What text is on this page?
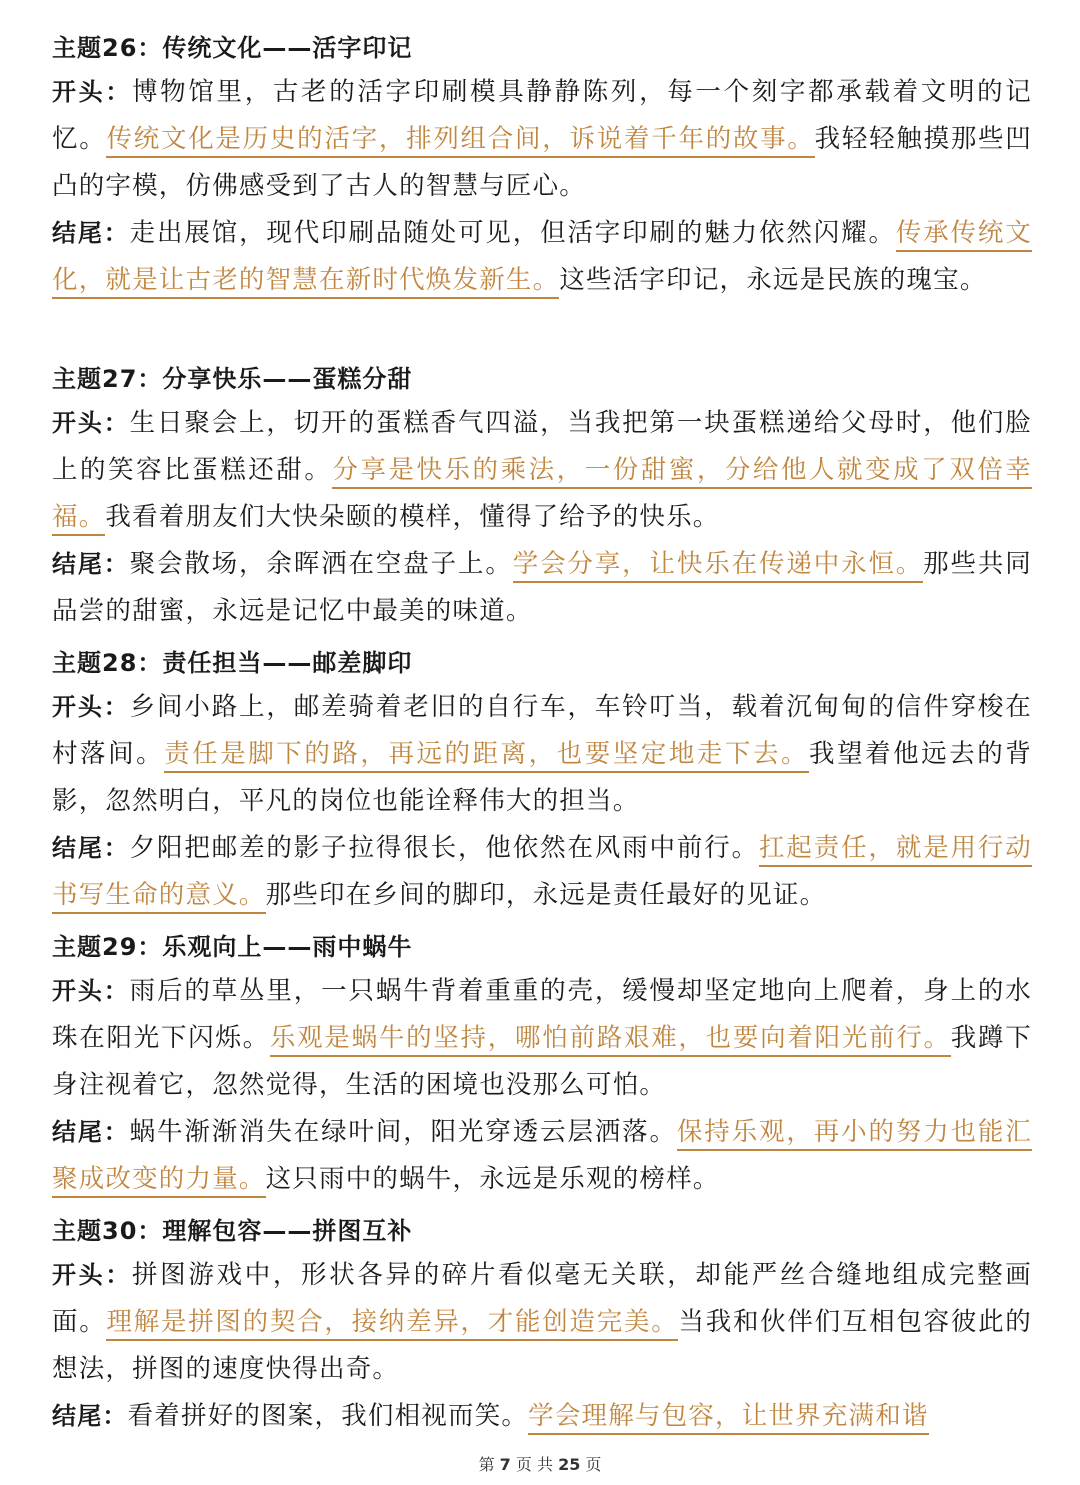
主题26：传统文化——活字印记

开头：博物馆里，古老的活字印刷模具静静陈列，每一个刻字都承载着文明的记忆。传统文化是历史的活字，排列组合间，诉说着千年的故事。我轻轻触摸那些凹凸的字模，仿佛感受到了古人的智慧与匠心。

结尾：走出展馆，现代印刷品随处可见，但活字印刷的魅力依然闪耀。传承传统文化，就是让古老的智慧在新时代焕发新生。这些活字印记，永远是民族的瑰宝。

主题27：分享快乐——蛋糕分甜

开头：生日聚会上，切开的蛋糕香气四溢，当我把第一块蛋糕递给父母时，他们脸上的笑容比蛋糕还甜。分享是快乐的乘法，一份甜蜜，分给他人就变成了双倍幸福。我看着朋友们大快朵颐的模样，懂得了给予的快乐。

结尾：聚会散场，余晖洒在空盘子上。学会分享，让快乐在传递中永恒。那些共同品尝的甜蜜，永远是记忆中最美的味道。

主题28：责任担当——邮差脚印

开头：乡间小路上，邮差骑着老旧的自行车，车铃叮当，载着沉甸甸的信件穿梭在村落间。责任是脚下的路，再远的距离，也要坚定地走下去。我望着他远去的背影，忽然明白，平凡的岗位也能诠释伟大的担当。

结尾：夕阳把邮差的影子拉得很长，他依然在风雨中前行。扛起责任，就是用行动书写生命的意义。那些印在乡间的脚印，永远是责任最好的见证。

主题29：乐观向上——雨中蜗牛

开头：雨后的草丛里，一只蜗牛背着重重的壳，缓慢却坚定地向上爬着，身上的水珠在阳光下闪烁。乐观是蜗牛的坚持，哪怕前路艰难，也要向着阳光前行。我蹲下身注视着它，忽然觉得，生活的困境也没那么可怕。

结尾：蜗牛渐渐消失在绿叶间，阳光穿透云层洒落。保持乐观，再小的努力也能汇聚成改变的力量。这只雨中的蜗牛，永远是乐观的榜样。

主题30：理解包容——拼图互补

开头：拼图游戏中，形状各异的碎片看似毫无关联，却能严丝合缝地组成完整画面。理解是拼图的契合，接纳差异，才能创造完美。当我和伙伴们互相包容彼此的想法，拼图的速度快得出奇。

结尾：看着拼好的图案，我们相视而笑。学会理解与包容，让世界充满和谐

第 7 页 共 25 页
